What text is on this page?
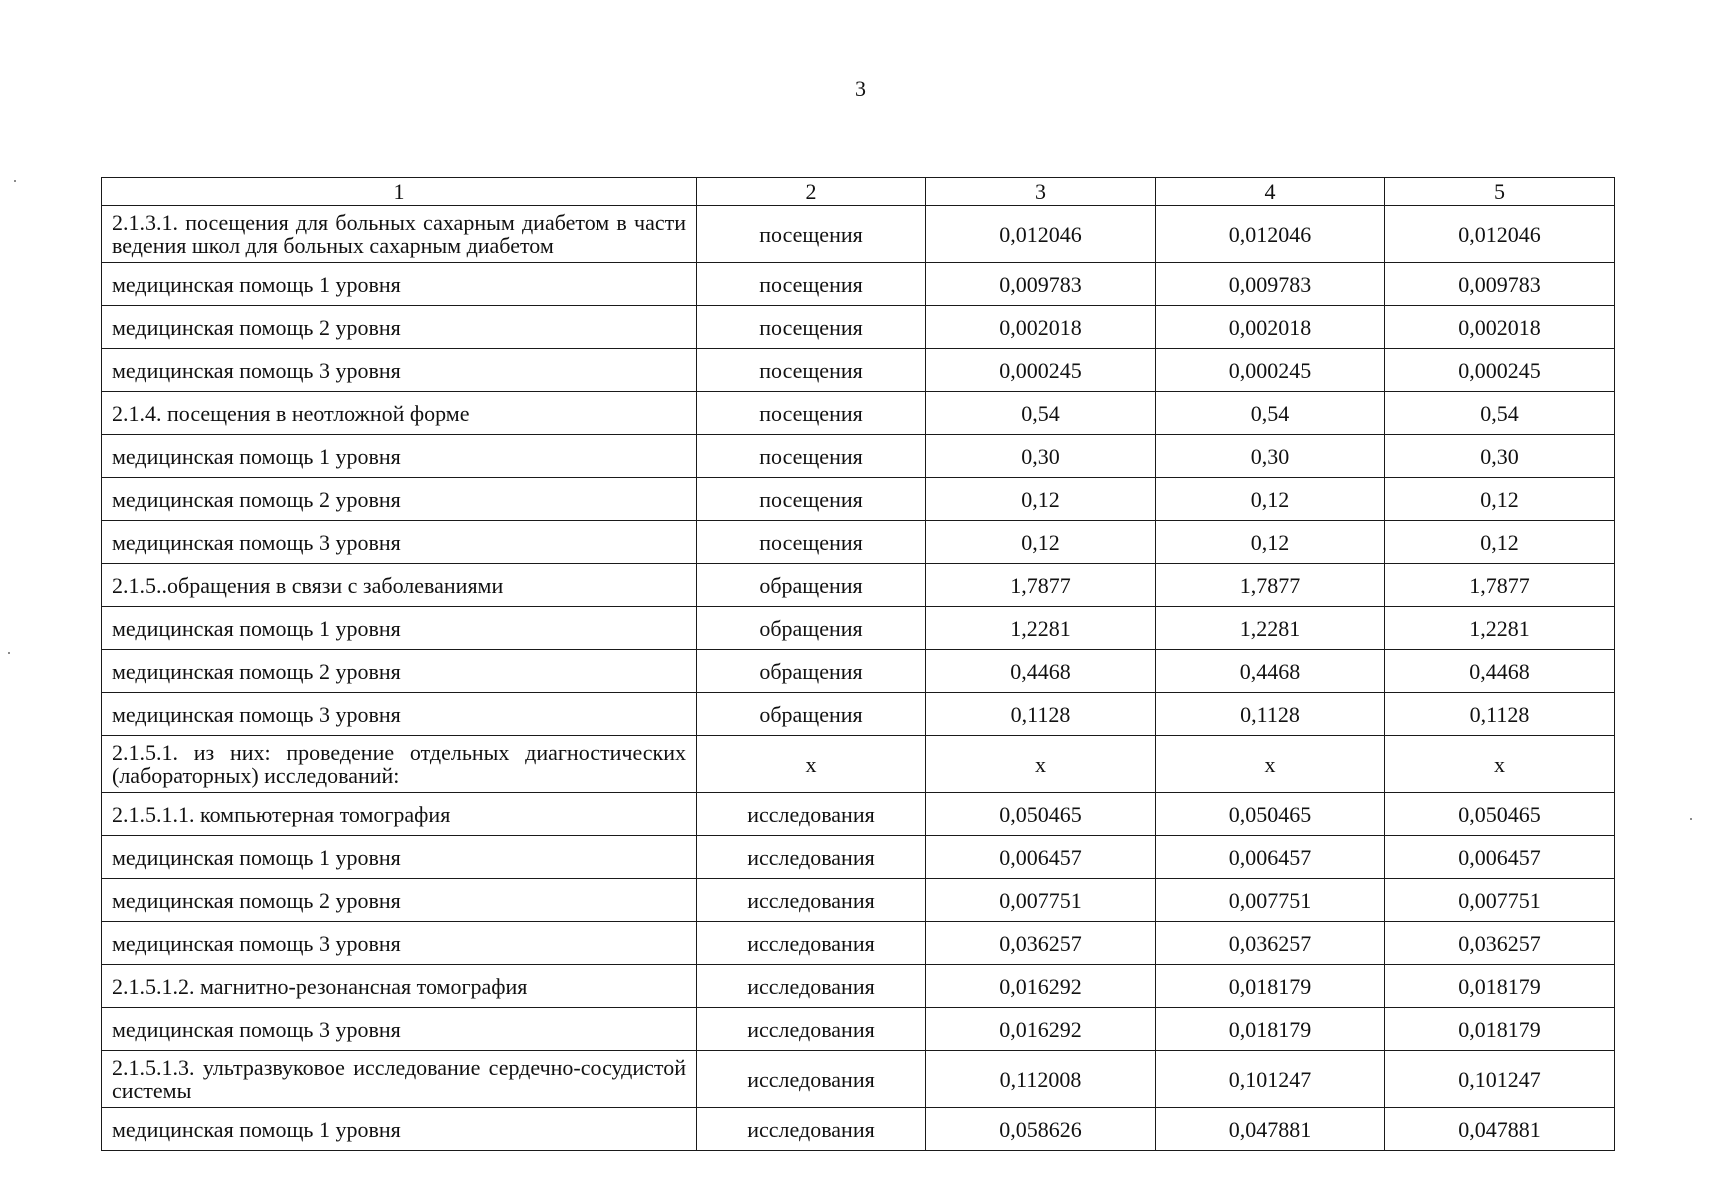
3
1	2	3	4	5
2.1.3.1. посещения для больных сахарным диабетом в части ведения школ для больных сахарным диабетом	посещения	0,012046	0,012046	0,012046
медицинская помощь 1 уровня	посещения	0,009783	0,009783	0,009783
медицинская помощь 2 уровня	посещения	0,002018	0,002018	0,002018
медицинская помощь 3 уровня	посещения	0,000245	0,000245	0,000245
2.1.4. посещения в неотложной форме	посещения	0,54	0,54	0,54
медицинская помощь 1 уровня	посещения	0,30	0,30	0,30
медицинская помощь 2 уровня	посещения	0,12	0,12	0,12
медицинская помощь 3 уровня	посещения	0,12	0,12	0,12
2.1.5..обращения в связи с заболеваниями	обращения	1,7877	1,7877	1,7877
медицинская помощь 1 уровня	обращения	1,2281	1,2281	1,2281
медицинская помощь 2 уровня	обращения	0,4468	0,4468	0,4468
медицинская помощь 3 уровня	обращения	0,1128	0,1128	0,1128
2.1.5.1. из них: проведение отдельных диагностических (лабораторных) исследований:	х	х	х	х
2.1.5.1.1. компьютерная томография	исследования	0,050465	0,050465	0,050465
медицинская помощь 1 уровня	исследования	0,006457	0,006457	0,006457
медицинская помощь 2 уровня	исследования	0,007751	0,007751	0,007751
медицинская помощь 3 уровня	исследования	0,036257	0,036257	0,036257
2.1.5.1.2. магнитно-резонансная томография	исследования	0,016292	0,018179	0,018179
медицинская помощь 3 уровня	исследования	0,016292	0,018179	0,018179
2.1.5.1.3. ультразвуковое исследование сердечно-сосудистой системы	исследования	0,112008	0,101247	0,101247
медицинская помощь 1 уровня	исследования	0,058626	0,047881	0,047881
